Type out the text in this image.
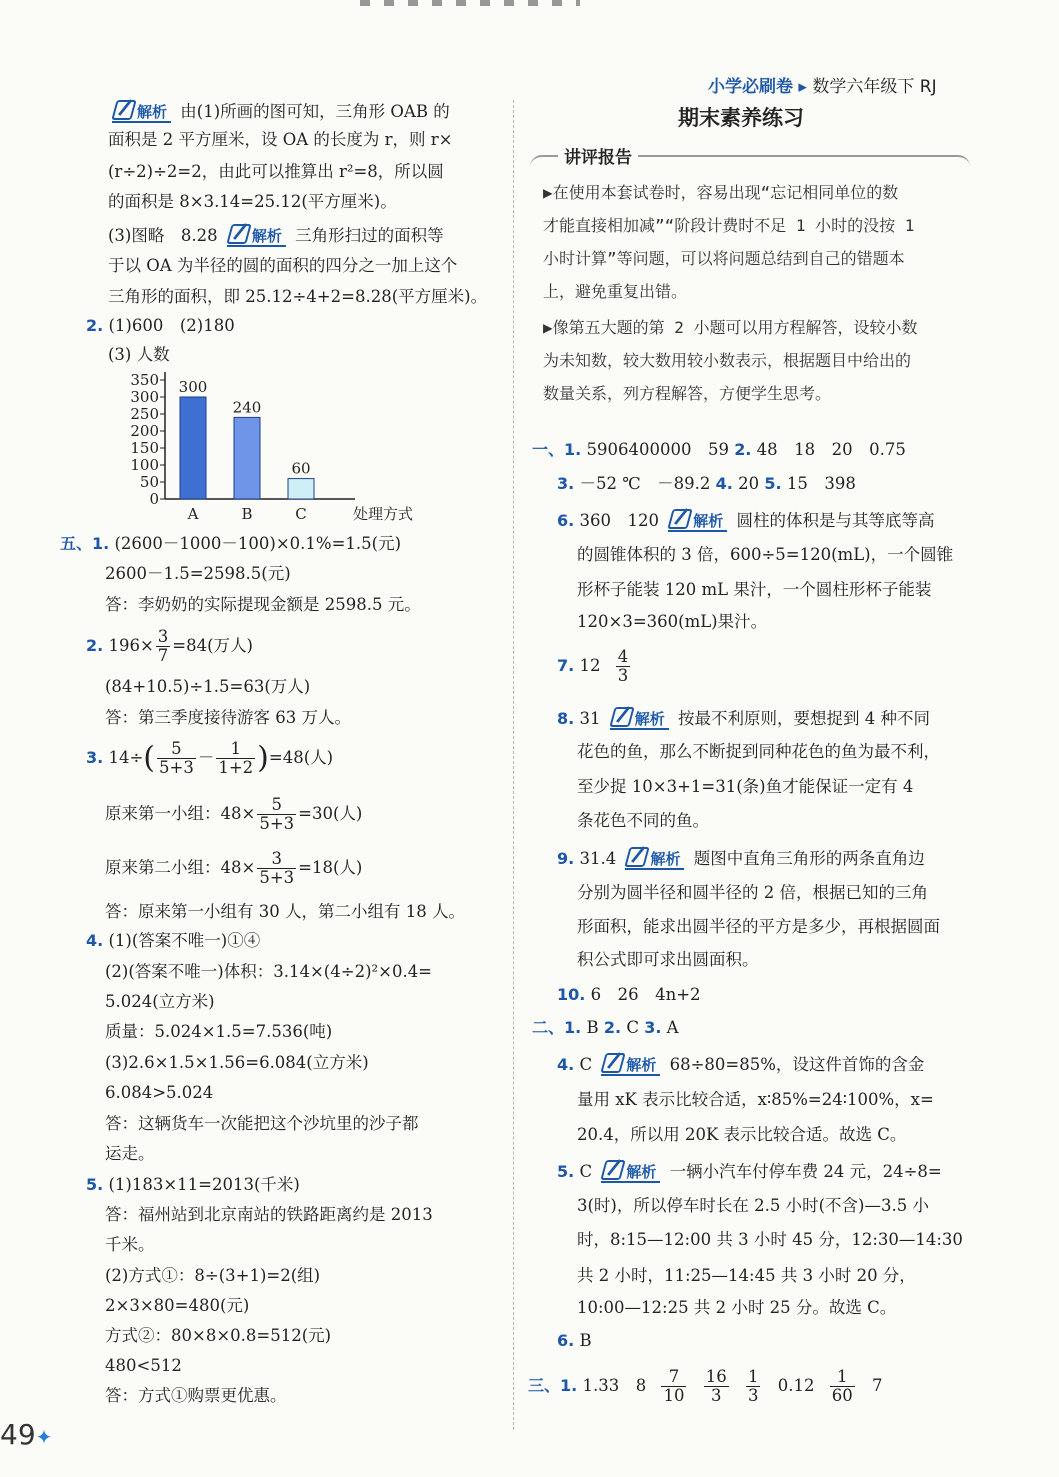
小学必刷卷 ▸ 数学六年级下 RJ
期末素养练习
解析 由(1)所画的图可知，三角形 OAB 的
面积是 2 平方厘米，设 OA 的长度为 r，则 r×
(r÷2)÷2=2，由此可以推算出 r²=8，所以圆
的面积是 8×3.14=25.12(平方厘米)。
(3)图略　8.28 解析 三角形扫过的面积等
于以 OA 为半径的圆的面积的四分之一加上这个
三角形的面积，即 25.12÷4+2=8.28(平方厘米)。
2. (1)600　(2)180
(3) 人数
0
50
100
150
200
250
300
350 300
A
240
B
60
C	处理方式
五、1. (2600－1000－100)×0.1%=1.5(元)
2600－1.5=2598.5(元)
答：李奶奶的实际提现金额是 2598.5 元。
2. $196\times \frac{3}{7} =84$(万人)
(84+10.5)÷1.5=63(万人)
答：第三季度接待游客 63 万人。
3. $14\div( \frac{5}{5+3} - \frac{1}{1+2} )=48$(人)
原来第一小组：$48\times \frac{5}{5+3} =30$(人)
原来第二小组：$48\times \frac{3}{5+3} =18$(人)
答：原来第一小组有 30 人，第二小组有 18 人。
4. (1)(答案不唯一)①④
(2)(答案不唯一)体积：3.14×(4÷2)²×0.4=
5.024(立方米)
质量：5.024×1.5=7.536(吨)
(3)2.6×1.5×1.56=6.084(立方米)
6.084>5.024
答：这辆货车一次能把这个沙坑里的沙子都
运走。
5. (1)183×11=2013(千米)
答：福州站到北京南站的铁路距离约是 2013
千米。
(2)方式①：8÷(3+1)=2(组)
2×3×80=480(元)
方式②：80×8×0.8=512(元)
480<512
答：方式①购票更优惠。
讲评报告
▶在使用本套试卷时，容易出现“忘记相同单位的数
才能直接相加减”“阶段计费时不足 1 小时的没按 1
小时计算”等问题，可以将问题总结到自己的错题本
上，避免重复出错。
▶像第五大题的第 2 小题可以用方程解答，设较小数
为未知数，较大数用较小数表示，根据题目中给出的
数量关系，列方程解答，方便学生思考。
一、1. 5906400000　59 2. 48　18　20　0.75
3. －52 ℃　－89.2 4. 20 5. 15　398
6. 360　120 解析 圆柱的体积是与其等底等高
的圆锥体积的 3 倍，600÷5=120(mL)，一个圆锥
形杯子能装 120 mL 果汁，一个圆柱形杯子能装
120×3=360(mL)果汁。
7. $12 \frac{4}{3}$
8. 31 解析 按最不利原则，要想捉到 4 种不同
花色的鱼，那么不断捉到同种花色的鱼为最不利，
至少捉 10×3+1=31(条)鱼才能保证一定有 4
条花色不同的鱼。
9. 31.4 解析 题图中直角三角形的两条直角边
分别为圆半径和圆半径的 2 倍，根据已知的三角
形面积，能求出圆半径的平方是多少，再根据圆面
积公式即可求出圆面积。
10. 6　26　4n+2
二、1. B 2. C 3. A
4. C 解析 68÷80=85%，设这件首饰的含金
量用 xK 表示比较合适，x∶85%=24∶100%，x=
20.4，所以用 20K 表示比较合适。故选 C。
5. C 解析 一辆小汽车付停车费 24 元，24÷8=
3(时)，所以停车时长在 2.5 小时(不含)—3.5 小
时，8:15—12:00 共 3 小时 45 分，12:30—14:30
共 2 小时，11:25—14:45 共 3 小时 20 分，
10:00—12:25 共 2 小时 25 分。故选 C。
6. B
三、1. 1.33　$8 \frac{7}{10}$
$\frac{16}{3}$
$\frac{1}{3} 0.12 \frac{1}{60} 7$
49✦
